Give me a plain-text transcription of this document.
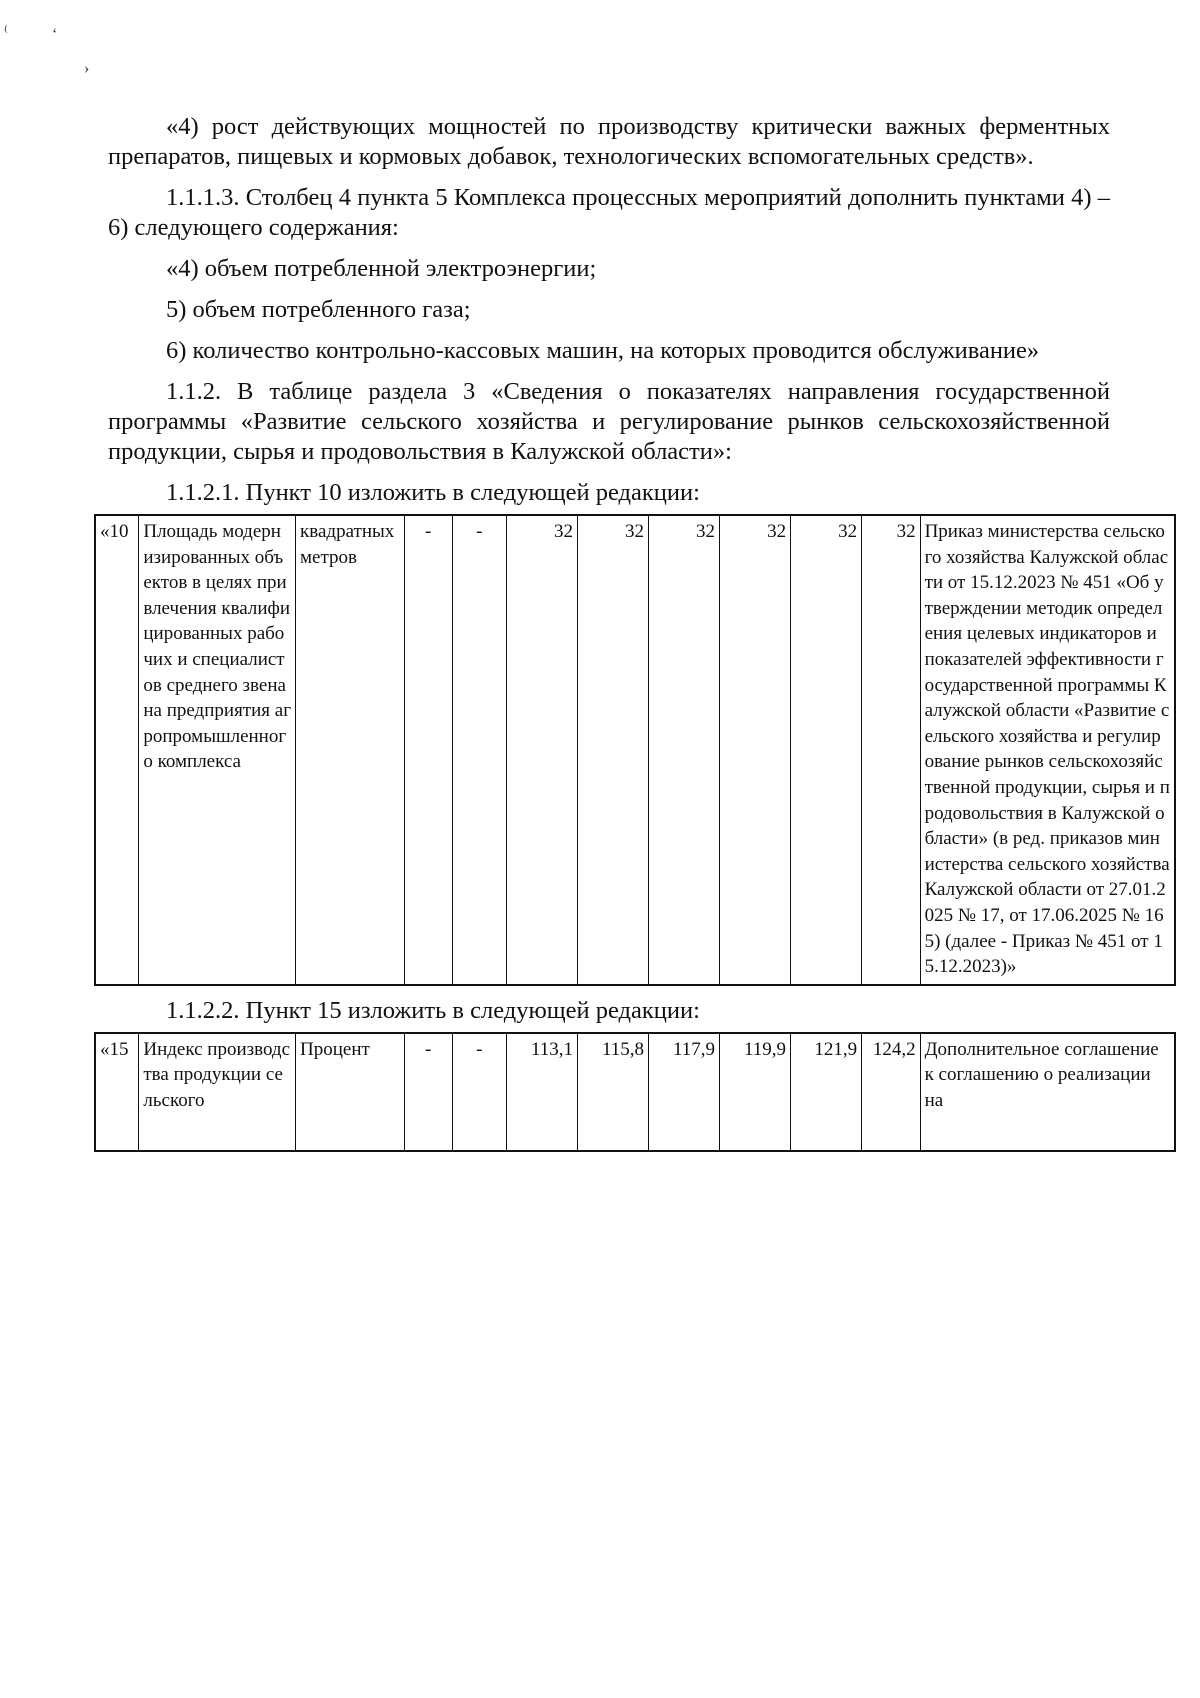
⁽	ʻ
›

«4) рост действующих мощностей по производству критически важных ферментных препаратов, пищевых и кормовых добавок, технологических вспомогательных средств».

1.1.1.3. Столбец 4 пункта 5 Комплекса процессных мероприятий дополнить пунктами 4) – 6) следующего содержания:

«4) объем потребленной электроэнергии;

5) объем потребленного газа;

6) количество контрольно-кассовых машин, на которых проводится обслуживание»

1.1.2. В таблице раздела 3 «Сведения о показателях направления государственной программы «Развитие сельского хозяйства и регулирование рынков сельскохозяйственной продукции, сырья и продовольствия в Калужской области»:

1.1.2.1. Пункт 10 изложить в следующей редакции:

«10	Площадь модернизированных объектов в целях привлечения квалифицированных рабочих и специалистов среднего звена на предприятия агропромышленного комплекса	квадратных метров	-	-	32	32	32	32	32	32	Приказ министерства сельского хозяйства Калужской области от 15.12.2023 № 451 «Об утверждении методик определения целевых индикаторов и показателей эффективности государственной программы Калужской области «Развитие сельского хозяйства и регулирование рынков сельскохозяйственной продукции, сырья и продовольствия в Калужской области» (в ред. приказов министерства сельского хозяйства Калужской области от 27.01.2025 № 17, от 17.06.2025 № 165) (далее - Приказ № 451 от 15.12.2023)»

1.1.2.2. Пункт 15 изложить в следующей редакции:

«15	Индекс производства продукции сельского	Процент	-	-	113,1	115,8	117,9	119,9	121,9	124,2	Дополнительное соглашение к соглашению о реализации на
